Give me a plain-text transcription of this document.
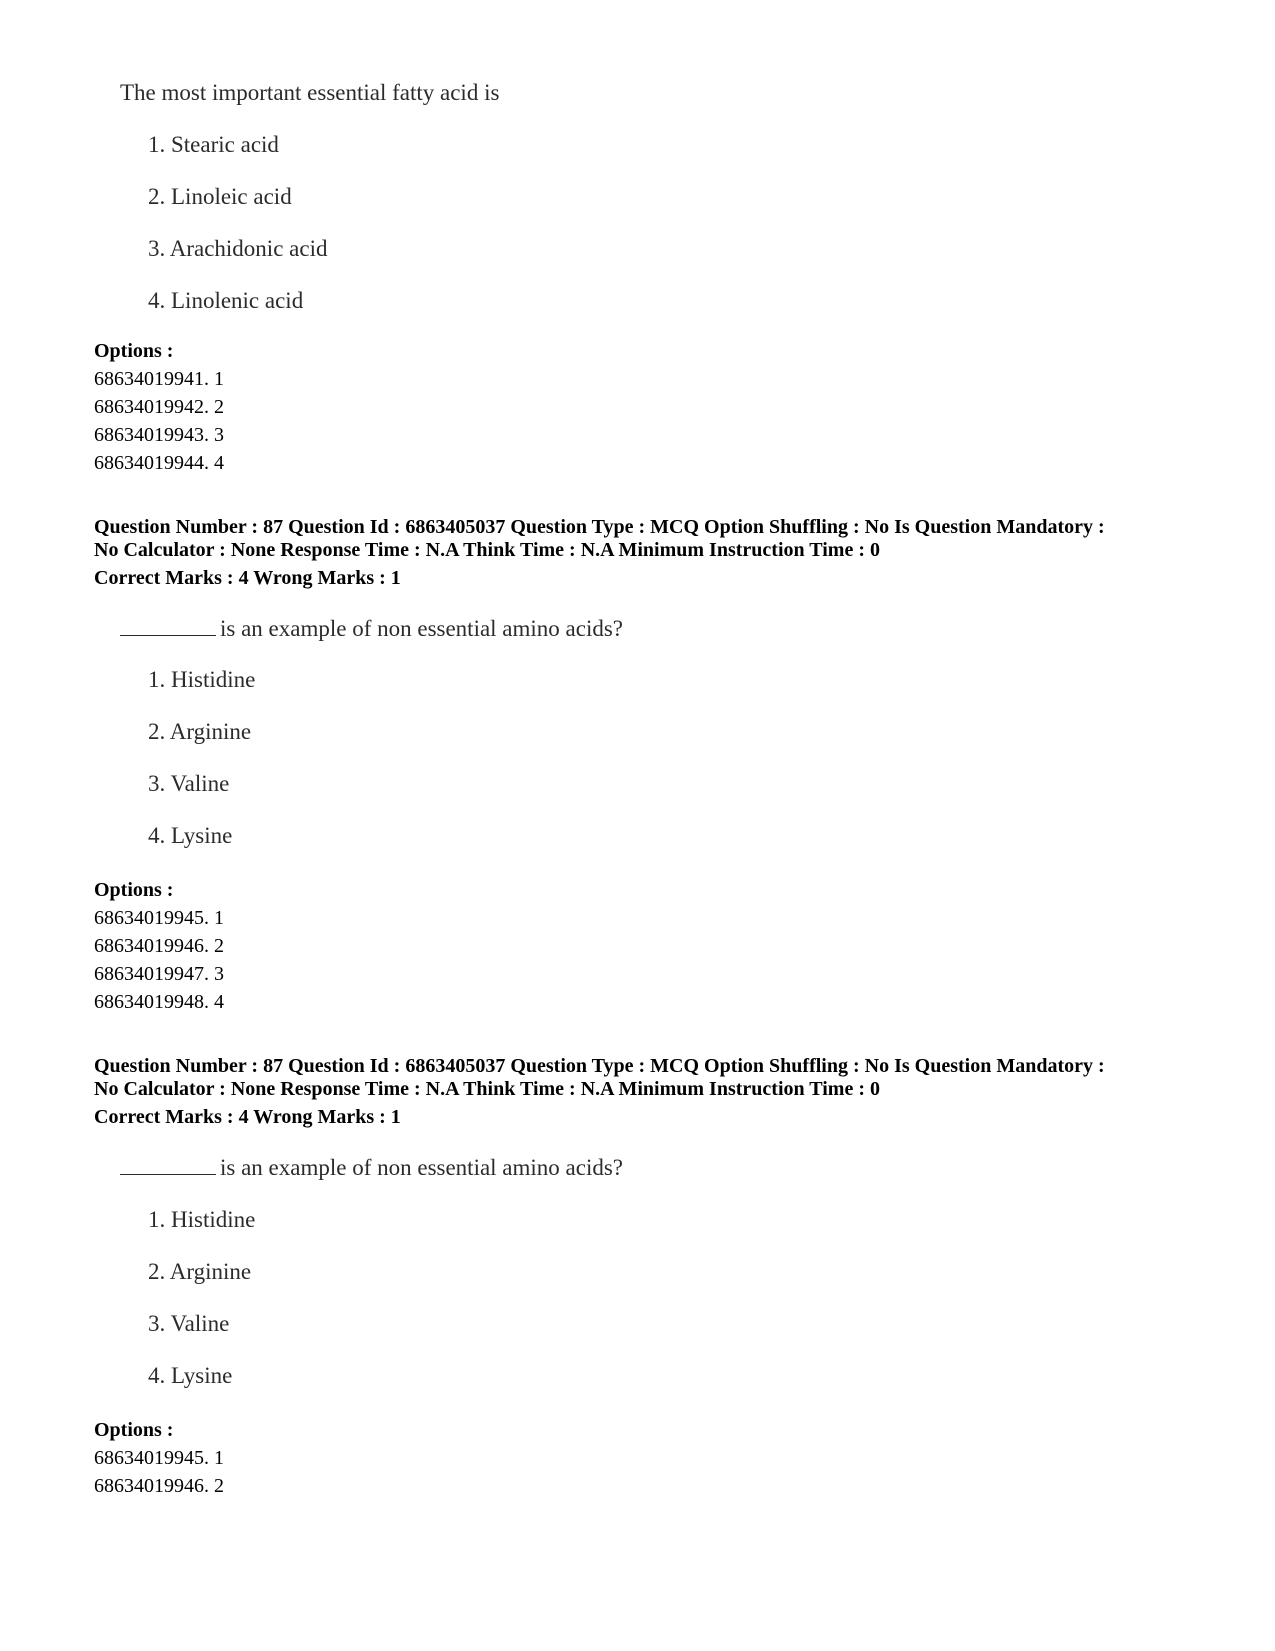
The most important essential fatty acid is
1. Stearic acid
2. Linoleic acid
3. Arachidonic acid
4. Linolenic acid
Options :
68634019941. 1
68634019942. 2
68634019943. 3
68634019944. 4
Question Number : 87 Question Id : 6863405037 Question Type : MCQ Option Shuffling : No Is Question Mandatory :
No Calculator : None Response Time : N.A Think Time : N.A Minimum Instruction Time : 0
Correct Marks : 4 Wrong Marks : 1
is an example of non essential amino acids?
1. Histidine
2. Arginine
3. Valine
4. Lysine
Options :
68634019945. 1
68634019946. 2
68634019947. 3
68634019948. 4
Question Number : 87 Question Id : 6863405037 Question Type : MCQ Option Shuffling : No Is Question Mandatory :
No Calculator : None Response Time : N.A Think Time : N.A Minimum Instruction Time : 0
Correct Marks : 4 Wrong Marks : 1
is an example of non essential amino acids?
1. Histidine
2. Arginine
3. Valine
4. Lysine
Options :
68634019945. 1
68634019946. 2
